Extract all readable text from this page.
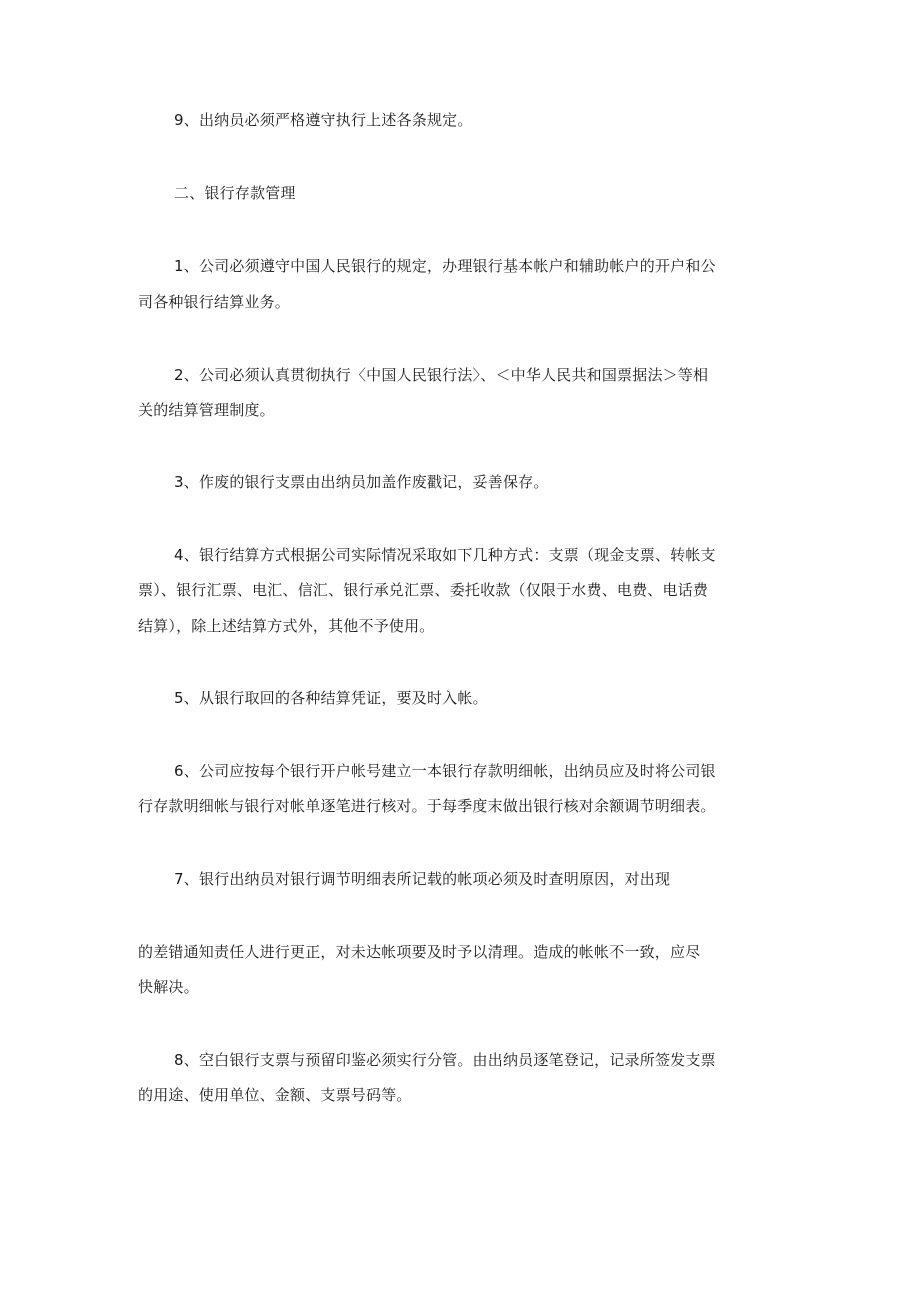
9、出纳员必须严格遵守执行上述各条规定。
二、银行存款管理
1、公司必须遵守中国人民银行的规定，办理银行基本帐户和辅助帐户的开户和公
司各种银行结算业务。
2、公司必须认真贯彻执行〈中国人民银行法〉、＜中华人民共和国票据法＞等相
关的结算管理制度。
3、作废的银行支票由出纳员加盖作废戳记，妥善保存。
4、银行结算方式根据公司实际情况采取如下几种方式：支票（现金支票、转帐支
票）、银行汇票、电汇、信汇、银行承兑汇票、委托收款（仅限于水费、电费、电话费
结算），除上述结算方式外，其他不予使用。
5、从银行取回的各种结算凭证，要及时入帐。
6、公司应按每个银行开户帐号建立一本银行存款明细帐，出纳员应及时将公司银
行存款明细帐与银行对帐单逐笔进行核对。于每季度末做出银行核对余额调节明细表。
7、银行出纳员对银行调节明细表所记载的帐项必须及时查明原因，对出现
的差错通知责任人进行更正，对未达帐项要及时予以清理。造成的帐帐不一致，应尽
快解决。
8、空白银行支票与预留印鉴必须实行分管。由出纳员逐笔登记，记录所签发支票
的用途、使用单位、金额、支票号码等。
